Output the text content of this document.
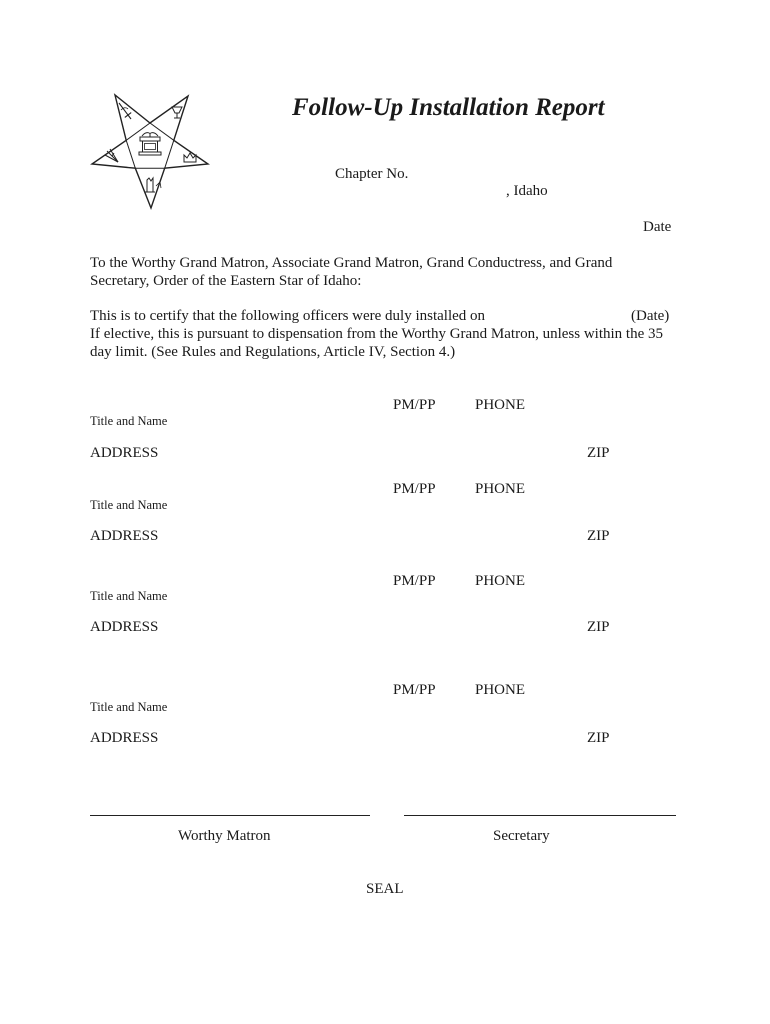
Follow-Up Installation Report
Chapter No.
, Idaho
Date
To the Worthy Grand Matron, Associate Grand Matron, Grand Conductress, and Grand
Secretary, Order of the Eastern Star of Idaho:
This is to certify that the following officers were duly installed on	(Date)
If elective, this is pursuant to dispensation from the Worthy Grand Matron, unless within the 35
day limit. (See Rules and Regulations, Article IV, Section 4.)
PM/PP	PHONE
Title and Name
ADDRESS	ZIP
PM/PP	PHONE
Title and Name
ADDRESS	ZIP
PM/PP	PHONE
Title and Name
ADDRESS	ZIP
PM/PP	PHONE
Title and Name
ADDRESS	ZIP
Worthy Matron	Secretary
SEAL
